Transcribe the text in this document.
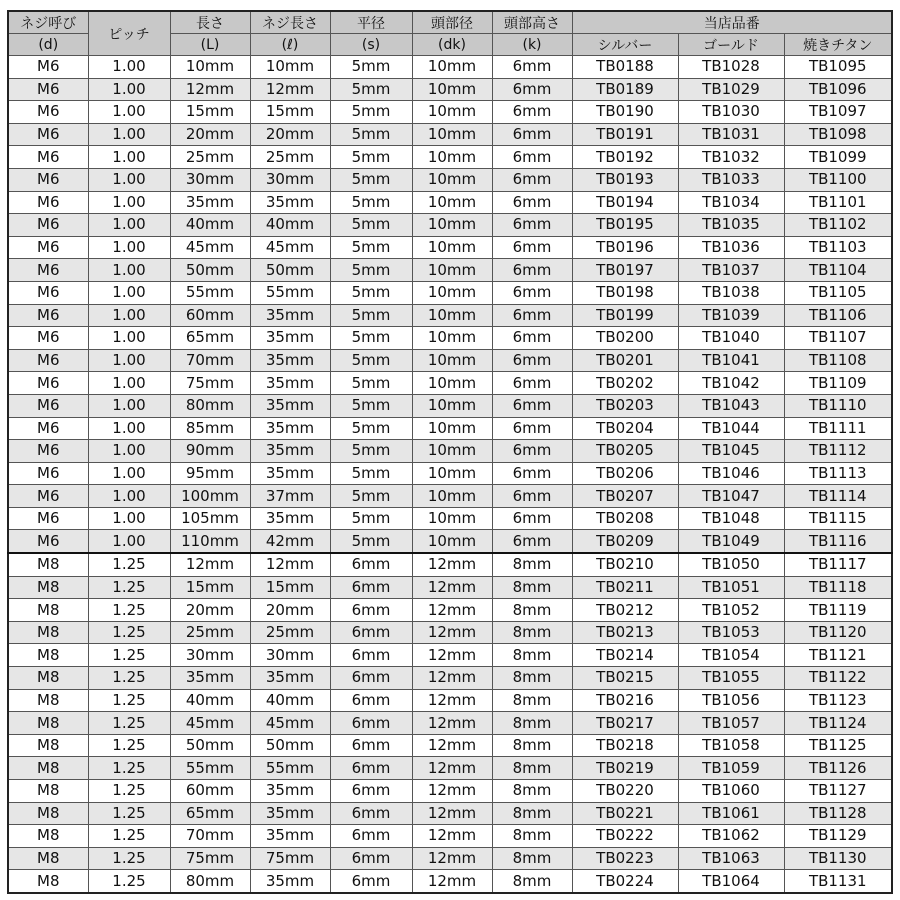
ネジ呼び	ピッチ	長さ	ネジ長さ	平径	頭部径	頭部高さ	当店品番		
(d)		(L)	(ℓ)	(s)	(dk)	(k)	シルバー	ゴールド	焼きチタン
M6	1.00	10mm	10mm	5mm	10mm	6mm	TB0188	TB1028	TB1095
M6	1.00	12mm	12mm	5mm	10mm	6mm	TB0189	TB1029	TB1096
M6	1.00	15mm	15mm	5mm	10mm	6mm	TB0190	TB1030	TB1097
M6	1.00	20mm	20mm	5mm	10mm	6mm	TB0191	TB1031	TB1098
M6	1.00	25mm	25mm	5mm	10mm	6mm	TB0192	TB1032	TB1099
M6	1.00	30mm	30mm	5mm	10mm	6mm	TB0193	TB1033	TB1100
M6	1.00	35mm	35mm	5mm	10mm	6mm	TB0194	TB1034	TB1101
M6	1.00	40mm	40mm	5mm	10mm	6mm	TB0195	TB1035	TB1102
M6	1.00	45mm	45mm	5mm	10mm	6mm	TB0196	TB1036	TB1103
M6	1.00	50mm	50mm	5mm	10mm	6mm	TB0197	TB1037	TB1104
M6	1.00	55mm	55mm	5mm	10mm	6mm	TB0198	TB1038	TB1105
M6	1.00	60mm	35mm	5mm	10mm	6mm	TB0199	TB1039	TB1106
M6	1.00	65mm	35mm	5mm	10mm	6mm	TB0200	TB1040	TB1107
M6	1.00	70mm	35mm	5mm	10mm	6mm	TB0201	TB1041	TB1108
M6	1.00	75mm	35mm	5mm	10mm	6mm	TB0202	TB1042	TB1109
M6	1.00	80mm	35mm	5mm	10mm	6mm	TB0203	TB1043	TB1110
M6	1.00	85mm	35mm	5mm	10mm	6mm	TB0204	TB1044	TB1111
M6	1.00	90mm	35mm	5mm	10mm	6mm	TB0205	TB1045	TB1112
M6	1.00	95mm	35mm	5mm	10mm	6mm	TB0206	TB1046	TB1113
M6	1.00	100mm	37mm	5mm	10mm	6mm	TB0207	TB1047	TB1114
M6	1.00	105mm	35mm	5mm	10mm	6mm	TB0208	TB1048	TB1115
M6	1.00	110mm	42mm	5mm	10mm	6mm	TB0209	TB1049	TB1116
M8	1.25	12mm	12mm	6mm	12mm	8mm	TB0210	TB1050	TB1117
M8	1.25	15mm	15mm	6mm	12mm	8mm	TB0211	TB1051	TB1118
M8	1.25	20mm	20mm	6mm	12mm	8mm	TB0212	TB1052	TB1119
M8	1.25	25mm	25mm	6mm	12mm	8mm	TB0213	TB1053	TB1120
M8	1.25	30mm	30mm	6mm	12mm	8mm	TB0214	TB1054	TB1121
M8	1.25	35mm	35mm	6mm	12mm	8mm	TB0215	TB1055	TB1122
M8	1.25	40mm	40mm	6mm	12mm	8mm	TB0216	TB1056	TB1123
M8	1.25	45mm	45mm	6mm	12mm	8mm	TB0217	TB1057	TB1124
M8	1.25	50mm	50mm	6mm	12mm	8mm	TB0218	TB1058	TB1125
M8	1.25	55mm	55mm	6mm	12mm	8mm	TB0219	TB1059	TB1126
M8	1.25	60mm	35mm	6mm	12mm	8mm	TB0220	TB1060	TB1127
M8	1.25	65mm	35mm	6mm	12mm	8mm	TB0221	TB1061	TB1128
M8	1.25	70mm	35mm	6mm	12mm	8mm	TB0222	TB1062	TB1129
M8	1.25	75mm	75mm	6mm	12mm	8mm	TB0223	TB1063	TB1130
M8	1.25	80mm	35mm	6mm	12mm	8mm	TB0224	TB1064	TB1131
